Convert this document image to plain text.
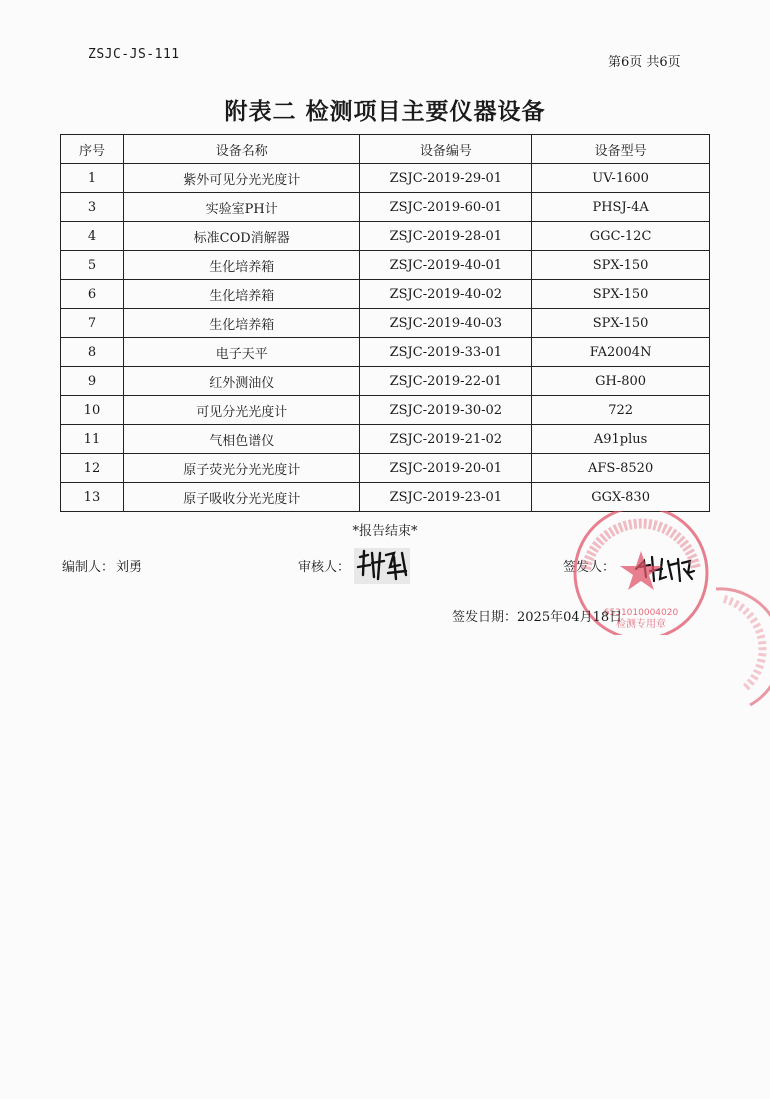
ZSJC-JS-111
第6页 共6页
附表二 检测项目主要仪器设备
序号	设备名称	设备编号	设备型号
1	紫外可见分光光度计	ZSJC-2019-29-01	UV-1600
3	实验室PH计	ZSJC-2019-60-01	PHSJ-4A
4	标准COD消解器	ZSJC-2019-28-01	GGC-12C
5	生化培养箱	ZSJC-2019-40-01	SPX-150
6	生化培养箱	ZSJC-2019-40-02	SPX-150
7	生化培养箱	ZSJC-2019-40-03	SPX-150
8	电子天平	ZSJC-2019-33-01	FA2004N
9	红外测油仪	ZSJC-2019-22-01	GH-800
10	可见分光光度计	ZSJC-2019-30-02	722
11	气相色谱仪	ZSJC-2019-21-02	A91plus
12	原子荧光分光光度计	ZSJC-2019-20-01	AFS-8520
13	原子吸收分光光度计	ZSJC-2019-23-01	GGX-830
*报告结束*
编制人： 刘勇	审核人：	签发人：
6531010004020
检测专用章
签发日期：2025年04月18日
